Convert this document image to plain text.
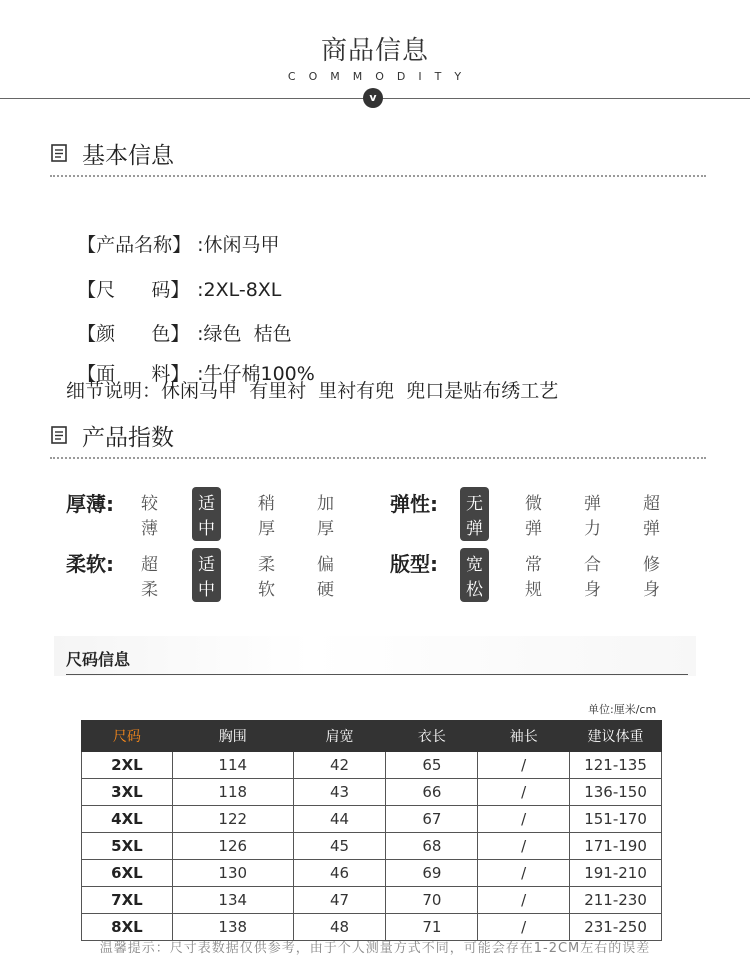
商品信息
COMMODITY
v
基本信息

【产品名称】 :休闲马甲

【尺      码】 :2XL-8XL

【颜      色】 :绿色  桔色

【面      料】 :牛仔棉100%

细节说明：休闲马甲  有里衬  里衬有兜  兜口是贴布绣工艺
产品指数
厚薄: 较薄
适中
稍厚
加厚
弹性:	无弹
微弹
弹力
超弹
柔软: 超柔
适中
柔软
偏硬
版型:	宽松
常规
合身
修身
尺码信息
单位:厘米/cm
尺码	胸围	肩宽	衣长	袖长	建议体重
2XL	114	42	65	/	121-135
3XL	118	43	66	/	136-150
4XL	122	44	67	/	151-170
5XL	126	45	68	/	171-190
6XL	130	46	69	/	191-210
7XL	134	47	70	/	211-230
8XL	138	48	71	/	231-250
温馨提示：尺寸表数据仅供参考，由于个人测量方式不同，可能会存在1-2CM左右的误差
